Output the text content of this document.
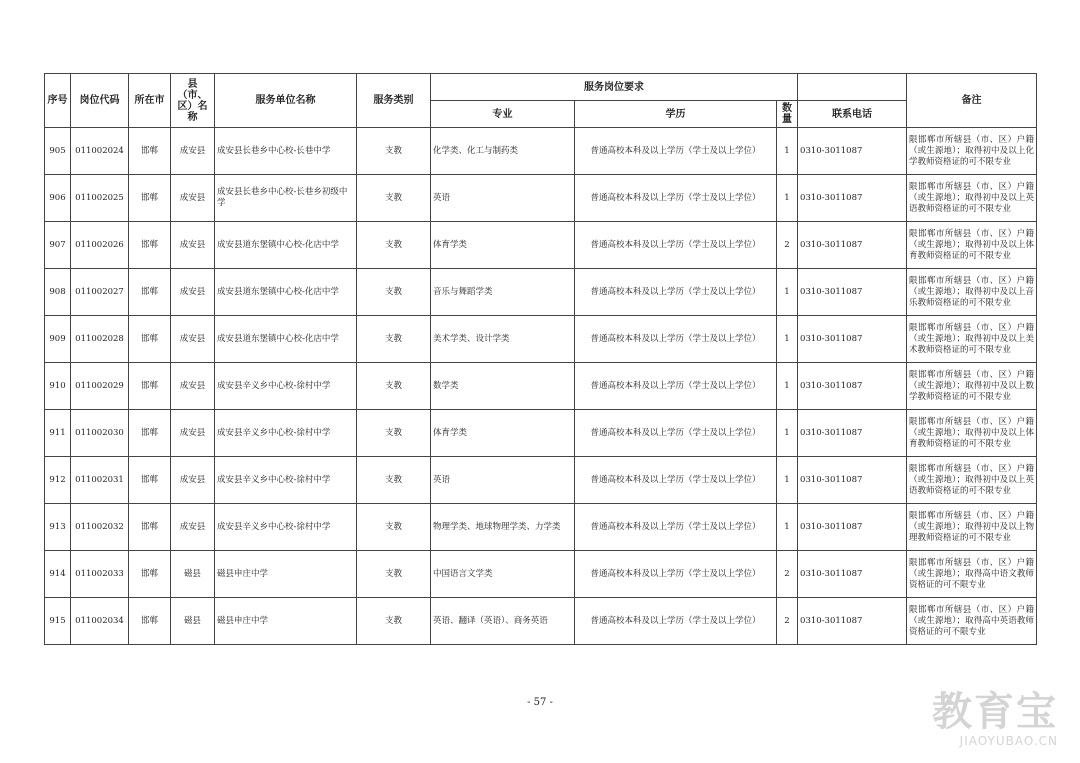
序号	岗位代码	所在市	县（市、区）名称	服务单位名称	服务类别	服务岗位要求				备注
						专业	学历	数量	联系电话	
905	011002024	邯郸	成安县	成安县长巷乡中心校-长巷中学	支教	化学类、化工与制药类	普通高校本科及以上学历（学士及以上学位）	1	0310-3011087	限邯郸市所辖县（市、区）户籍（或生源地）；取得初中及以上化学教师资格证的可不限专业
906	011002025	邯郸	成安县	成安县长巷乡中心校-长巷乡初级中学	支教	英语	普通高校本科及以上学历（学士及以上学位）	1	0310-3011087	限邯郸市所辖县（市、区）户籍（或生源地）；取得初中及以上英语教师资格证的可不限专业
907	011002026	邯郸	成安县	成安县道东堡镇中心校-化店中学	支教	体育学类	普通高校本科及以上学历（学士及以上学位）	2	0310-3011087	限邯郸市所辖县（市、区）户籍（或生源地）；取得初中及以上体育教师资格证的可不限专业
908	011002027	邯郸	成安县	成安县道东堡镇中心校-化店中学	支教	音乐与舞蹈学类	普通高校本科及以上学历（学士及以上学位）	1	0310-3011087	限邯郸市所辖县（市、区）户籍（或生源地）；取得初中及以上音乐教师资格证的可不限专业
909	011002028	邯郸	成安县	成安县道东堡镇中心校-化店中学	支教	美术学类、设计学类	普通高校本科及以上学历（学士及以上学位）	1	0310-3011087	限邯郸市所辖县（市、区）户籍（或生源地）；取得初中及以上美术教师资格证的可不限专业
910	011002029	邯郸	成安县	成安县辛义乡中心校-徐村中学	支教	数学类	普通高校本科及以上学历（学士及以上学位）	1	0310-3011087	限邯郸市所辖县（市、区）户籍（或生源地）；取得初中及以上数学教师资格证的可不限专业
911	011002030	邯郸	成安县	成安县辛义乡中心校-徐村中学	支教	体育学类	普通高校本科及以上学历（学士及以上学位）	1	0310-3011087	限邯郸市所辖县（市、区）户籍（或生源地）；取得初中及以上体育教师资格证的可不限专业
912	011002031	邯郸	成安县	成安县辛义乡中心校-徐村中学	支教	英语	普通高校本科及以上学历（学士及以上学位）	1	0310-3011087	限邯郸市所辖县（市、区）户籍（或生源地）；取得初中及以上英语教师资格证的可不限专业
913	011002032	邯郸	成安县	成安县辛义乡中心校-徐村中学	支教	物理学类、地球物理学类、力学类	普通高校本科及以上学历（学士及以上学位）	1	0310-3011087	限邯郸市所辖县（市、区）户籍（或生源地）；取得初中及以上物理教师资格证的可不限专业
914	011002033	邯郸	磁县	磁县申庄中学	支教	中国语言文学类	普通高校本科及以上学历（学士及以上学位）	2	0310-3011087	限邯郸市所辖县（市、区）户籍（或生源地）；取得高中语文教师资格证的可不限专业
915	011002034	邯郸	磁县	磁县申庄中学	支教	英语、翻译（英语）、商务英语	普通高校本科及以上学历（学士及以上学位）	2	0310-3011087	限邯郸市所辖县（市、区）户籍（或生源地）；取得高中英语教师资格证的可不限专业
- 57 -	教育宝
JIAOYUBAO.CN
